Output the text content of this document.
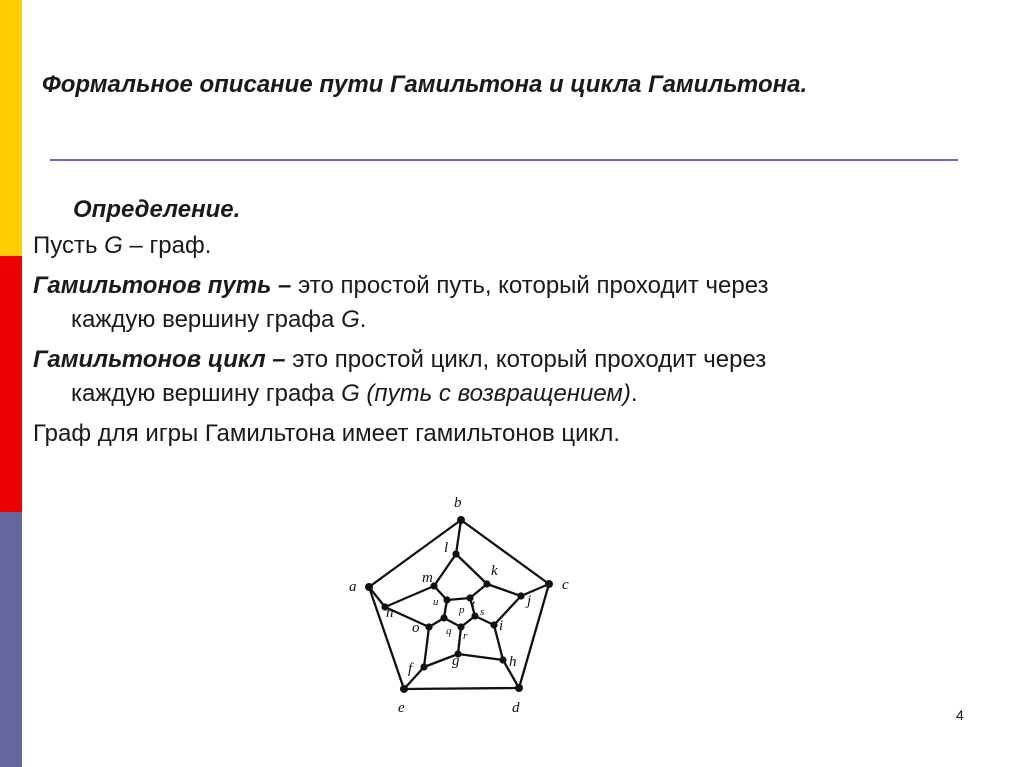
Формальное описание пути Гамильтона и цикла Гамильтона.
Определение.
Пусть G – граф.
Гамильтонов путь – это простой путь, который проходит через
каждую вершину графа G.
Гамильтонов цикл – это простой цикл, который проходит через
каждую вершину графа G (путь с возвращением).
Граф для игры Гамильтона имеет гамильтонов цикл.
a
b
c
d
e
f	g	h
i
j
k
l
m
n
o
p
q r
s
t
u
4
